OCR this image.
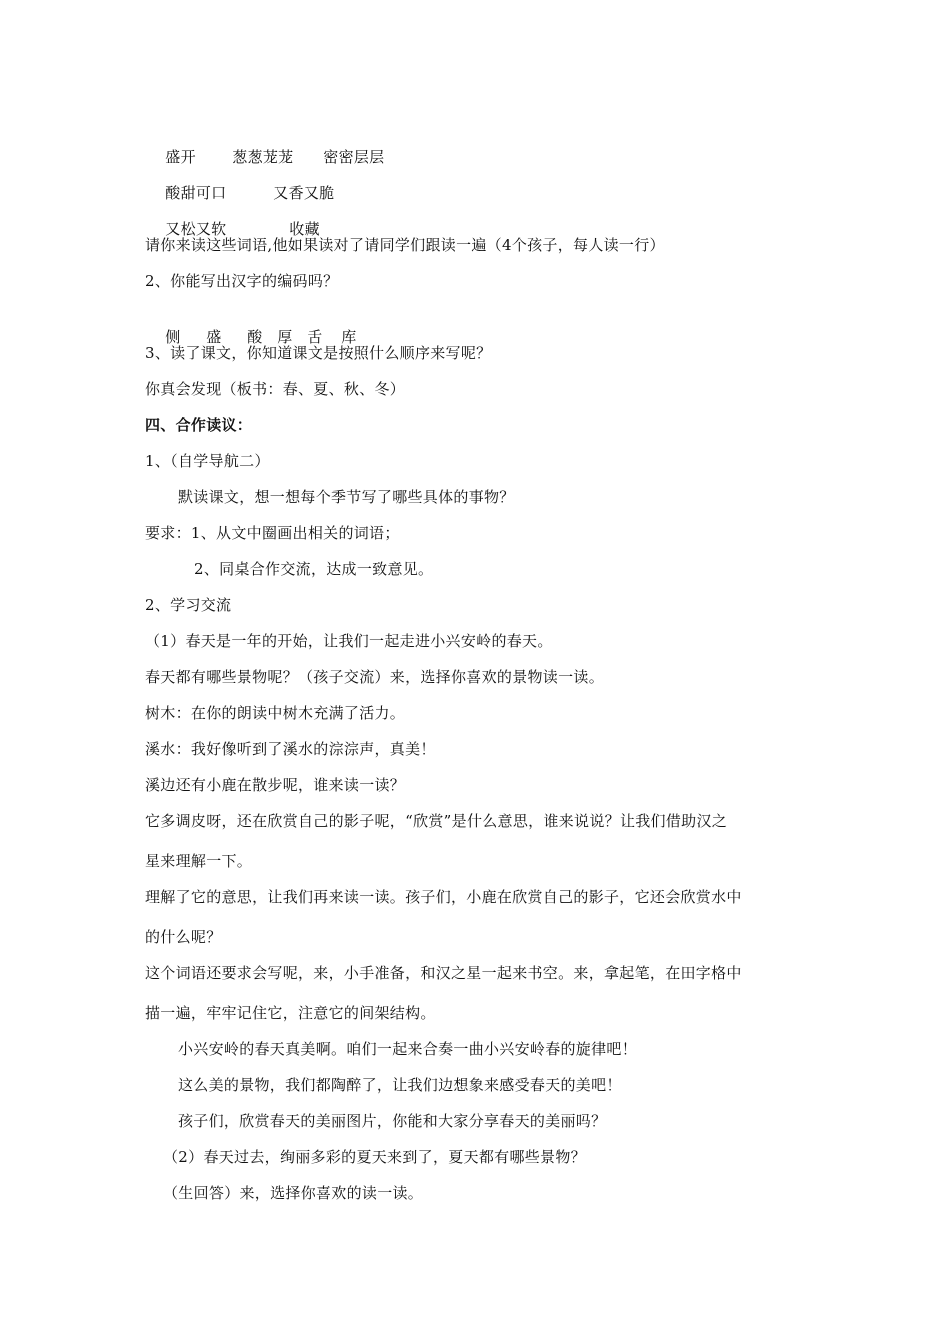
盛开 葱葱茏茏 密密层层

酸甜可口	又香又脆

又松又软	收藏

请你来读这些词语,他如果读对了请同学们跟读一遍（4个孩子，每人读一行）
2、你能写出汉字的编码吗？

侧 盛 酸 厚 舌 库

3、读了课文，你知道课文是按照什么顺序来写呢？
你真会发现（板书：春、夏、秋、冬）
四、合作读议：
1、（自学导航二）
默读课文，想一想每个季节写了哪些具体的事物？
要求：1、从文中圈画出相关的词语；
2、同桌合作交流，达成一致意见。
2、学习交流
（1）春天是一年的开始，让我们一起走进小兴安岭的春天。
春天都有哪些景物呢？（孩子交流）来，选择你喜欢的景物读一读。
树木：在你的朗读中树木充满了活力。
溪水：我好像听到了溪水的淙淙声，真美！
溪边还有小鹿在散步呢，谁来读一读？
它多调皮呀，还在欣赏自己的影子呢，“欣赏”是什么意思，谁来说说？让我们借助汉之
星来理解一下。
理解了它的意思，让我们再来读一读。孩子们，小鹿在欣赏自己的影子，它还会欣赏水中
的什么呢？
这个词语还要求会写呢，来，小手准备，和汉之星一起来书空。来，拿起笔，在田字格中
描一遍，牢牢记住它，注意它的间架结构。
小兴安岭的春天真美啊。咱们一起来合奏一曲小兴安岭春的旋律吧！
这么美的景物，我们都陶醉了，让我们边想象来感受春天的美吧！
孩子们，欣赏春天的美丽图片，你能和大家分享春天的美丽吗？
（2）春天过去，绚丽多彩的夏天来到了，夏天都有哪些景物？
（生回答）来，选择你喜欢的读一读。
